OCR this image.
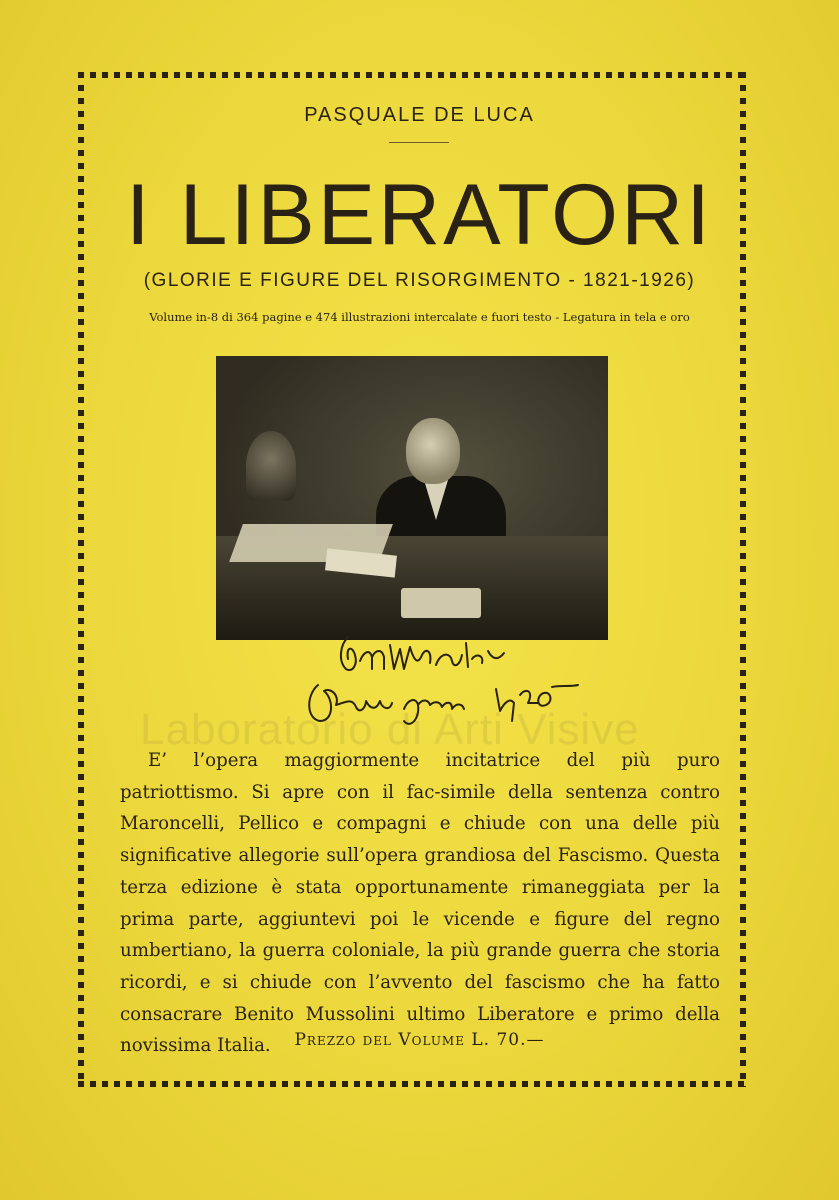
Laboratorio di Arti Visive
PASQUALE DE LUCA
I LIBERATORI
(GLORIE E FIGURE DEL RISORGIMENTO - 1821-1926)
Volume in-8 di 364 pagine e 474 illustrazioni intercalate e fuori testo - Legatura in tela e oro

E’ l’opera maggiormente incitatrice del più puro patriottismo. Si apre con il fac-simile della sentenza contro Maroncelli, Pellico e compagni e chiude con una delle più significative allegorie sull’opera grandiosa del Fascismo. Questa terza edizione è stata opportunamente rimaneggiata per la prima parte, aggiuntevi poi le vicende e figure del regno umbertiano, la guerra coloniale, la più grande guerra che storia ricordi, e si chiude con l’avvento del fascismo che ha fatto consacrare Benito Mussolini ultimo Liberatore e primo della novissima Italia.	Prezzo del Volume L. 70.—
